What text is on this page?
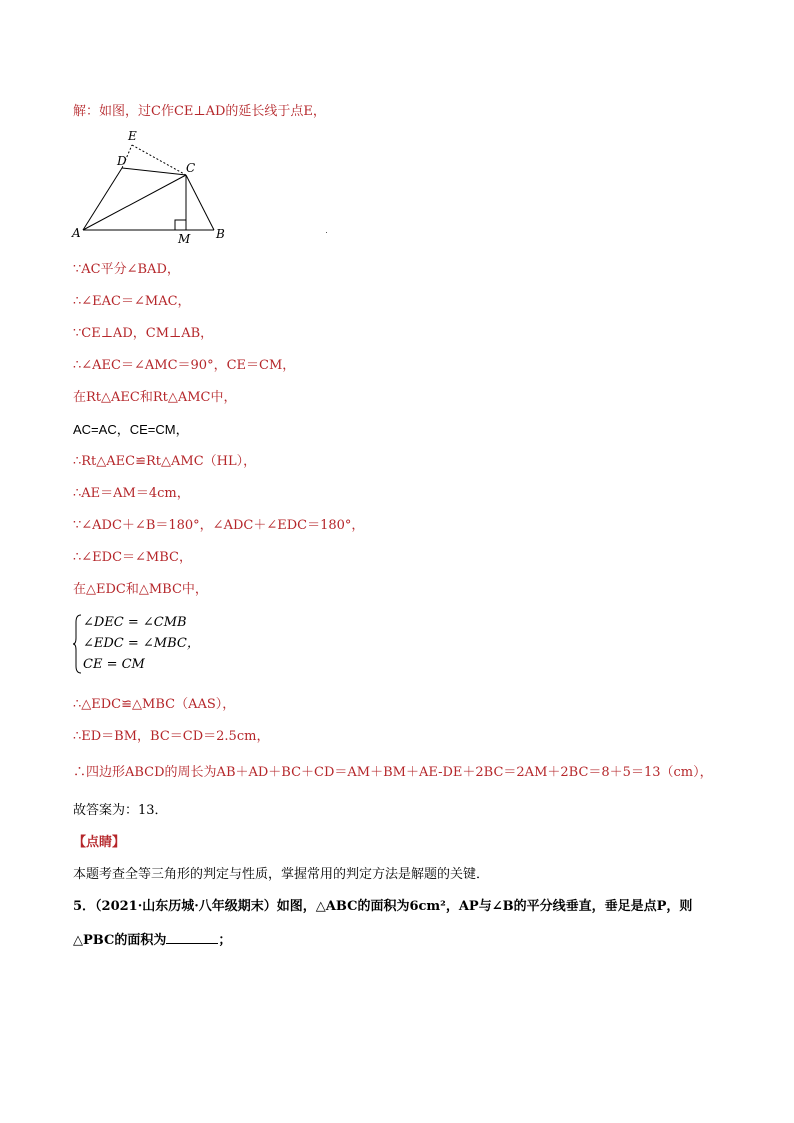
解：如图，过C作CE⊥AD的延长线于点E，
E
D	C
A	M B
∵AC平分∠BAD，
∴∠EAC＝∠MAC，
∵CE⊥AD，CM⊥AB，
∴∠AEC＝∠AMC＝90°，CE＝CM，
在Rt△AEC和Rt△AMC中，
AC=AC，CE=CM，
∴Rt△AEC≌Rt△AMC（HL），
∴AE＝AM＝4cm，
∵∠ADC＋∠B＝180°，∠ADC＋∠EDC＝180°，
∴∠EDC＝∠MBC，
在△EDC和△MBC中，
∠DEC = ∠CMB
∠EDC = ∠MBC，
CE = CM
∴△EDC≌△MBC（AAS），
∴ED＝BM，BC＝CD＝2.5cm，
∴四边形ABCD的周长为AB＋AD＋BC＋CD＝AM＋BM＋AE-DE＋2BC＝2AM＋2BC＝8＋5＝13（cm），
故答案为：13．
【点睛】
本题考查全等三角形的判定与性质，掌握常用的判定方法是解题的关键．
5．（2021·山东历城·八年级期末）如图，△ABC的面积为6cm²，AP与∠B的平分线垂直，垂足是点P，则
△PBC的面积为	；
